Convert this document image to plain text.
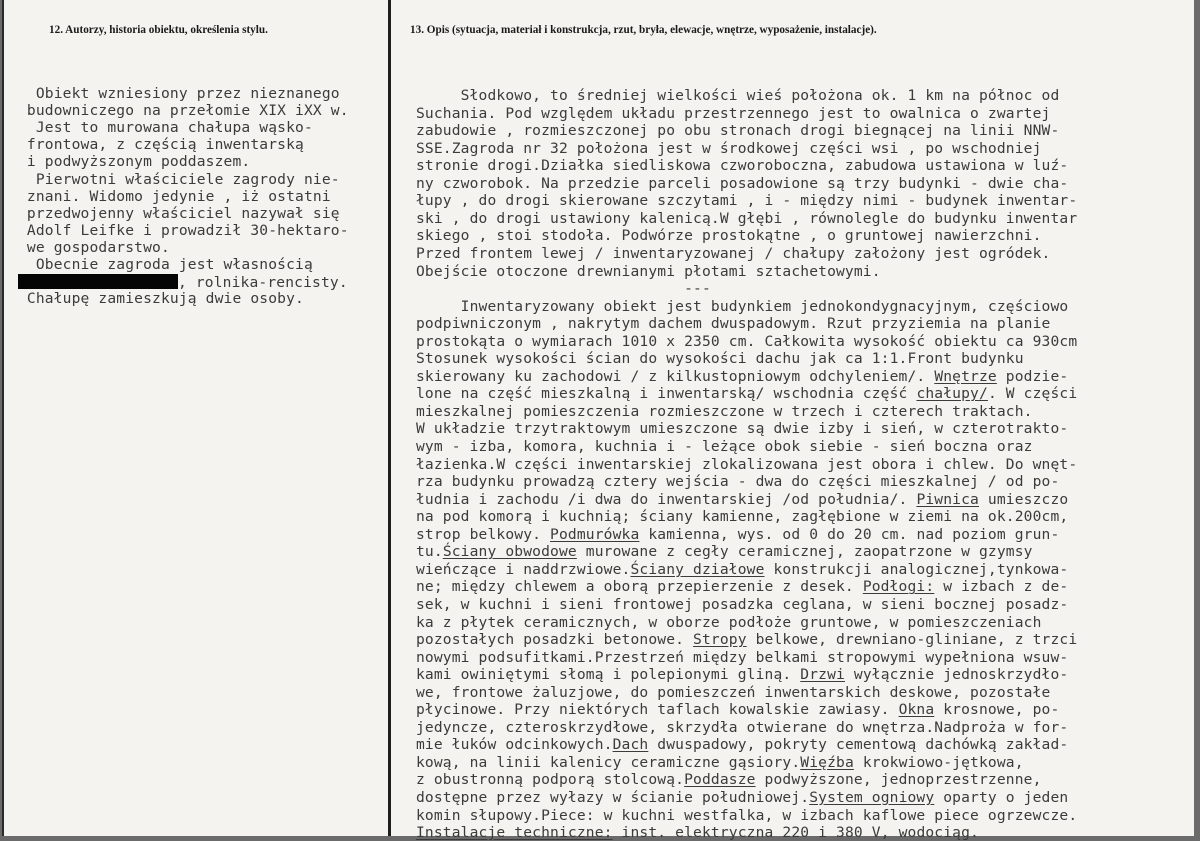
12. Autorzy, historia obiektu, określenia stylu.	13. Opis (sytuacja, materiał i konstrukcja, rzut, bryła, elewacje, wnętrze, wyposażenie, instalacje).
Obiekt wzniesiony przez nieznanego
budowniczego na przełomie XIX iXX w.
Jest to murowana chałupa wąsko-
frontowa, z częścią inwentarską
i podwyższonym poddaszem.
Pierwotni właściciele zagrody nie-
znani. Widomo jedynie , iż ostatni
przedwojenny właściciel nazywał się
Adolf Leifke i prowadził 30-hektaro-
we gospodarstwo.
Obecnie zagroda jest własnością
, rolnika-rencisty.
Chałupę zamieszkują dwie osoby.
Słodkowo, to średniej wielkości wieś położona ok. 1 km na północ od
Suchania. Pod względem układu przestrzennego jest to owalnica o zwartej
zabudowie , rozmieszczonej po obu stronach drogi biegnącej na linii NNW-
SSE.Zagroda nr 32 położona jest w środkowej części wsi , po wschodniej
stronie drogi.Działka siedliskowa czworoboczna, zabudowa ustawiona w luź-
ny czworobok. Na przedzie parceli posadowione są trzy budynki - dwie cha-
łupy , do drogi skierowane szczytami , i - między nimi - budynek inwentar-
ski , do drogi ustawiony kalenicą.W głębi , równolegle do budynku inwentar
skiego , stoi stodoła. Podwórze prostokątne , o gruntowej nawierzchni.
Przed frontem lewej / inwentaryzowanej / chałupy założony jest ogródek.
Obejście otoczone drewnianymi płotami sztachetowymi.
---
Inwentaryzowany obiekt jest budynkiem jednokondygnacyjnym, częściowo
podpiwniczonym , nakrytym dachem dwuspadowym. Rzut przyziemia na planie
prostokąta o wymiarach 1010 x 2350 cm. Całkowita wysokość obiektu ca 930cm
Stosunek wysokości ścian do wysokości dachu jak ca 1:1.Front budynku
skierowany ku zachodowi / z kilkustopniowym odchyleniem/. Wnętrze podzie-
lone na część mieszkalną i inwentarską/ wschodnia część chałupy/. W części
mieszkalnej pomieszczenia rozmieszczone w trzech i czterech traktach.
W układzie trzytraktowym umieszczone są dwie izby i sień, w czterotrakto-
wym - izba, komora, kuchnia i - leżące obok siebie - sień boczna oraz
łazienka.W części inwentarskiej zlokalizowana jest obora i chlew. Do wnęt-
rza budynku prowadzą cztery wejścia - dwa do części mieszkalnej / od po-
łudnia i zachodu /i dwa do inwentarskiej /od południa/. Piwnica umieszczo
na pod komorą i kuchnią; ściany kamienne, zagłębione w ziemi na ok.200cm,
strop belkowy. Podmurówka kamienna, wys. od 0 do 20 cm. nad poziom grun-
tu.Ściany obwodowe murowane z cegły ceramicznej, zaopatrzone w gzymsy
wieńczące i naddrzwiowe.Ściany działowe konstrukcji analogicznej,tynkowa-
ne; między chlewem a oborą przepierzenie z desek. Podłogi: w izbach z de-
sek, w kuchni i sieni frontowej posadzka ceglana, w sieni bocznej posadz-
ka z płytek ceramicznych, w oborze podłoże gruntowe, w pomieszczeniach
pozostałych posadzki betonowe. Stropy belkowe, drewniano-gliniane, z trzci
nowymi podsufitkami.Przestrzeń między belkami stropowymi wypełniona wsuw-
kami owiniętymi słomą i polepionymi gliną. Drzwi wyłącznie jednoskrzydło-
we, frontowe żaluzjowe, do pomieszczeń inwentarskich deskowe, pozostałe
płycinowe. Przy niektórych taflach kowalskie zawiasy. Okna krosnowe, po-
jedyncze, czteroskrzydłowe, skrzydła otwierane do wnętrza.Nadproża w for-
mie łuków odcinkowych.Dach dwuspadowy, pokryty cementową dachówką zakład-
kową, na linii kalenicy ceramiczne gąsiory.Więźba krokwiowo-jętkowa,
z obustronną podporą stolcową.Poddasze podwyższone, jednoprzestrzenne,
dostępne przez wyłazy w ścianie południowej.System ogniowy oparty o jeden
komin słupowy.Piece: w kuchni westfalka, w izbach kaflowe piece ogrzewcze.
Instalacje techniczne: inst. elektryczna 220 i 380 V, wodociąg.
